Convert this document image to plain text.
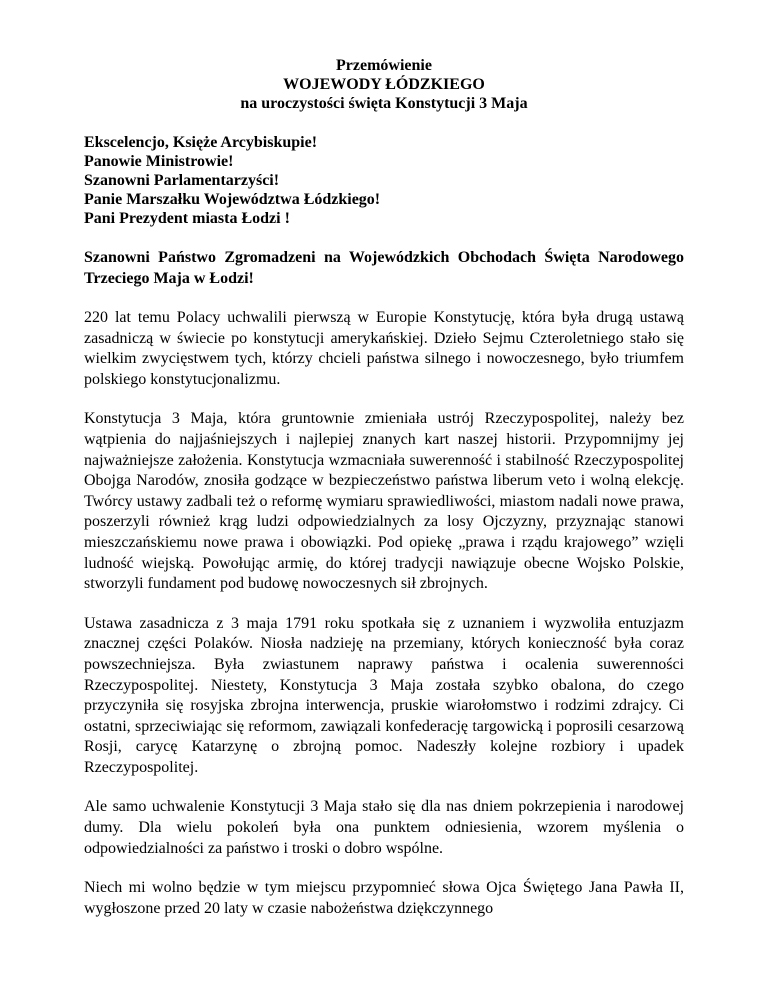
Przemówienie
WOJEWODY ŁÓDZKIEGO
na uroczystości święta Konstytucji 3 Maja
Ekscelencjo, Księże Arcybiskupie!
Panowie Ministrowie!
Szanowni Parlamentarzyści!
Panie Marszałku Województwa Łódzkiego!
Pani Prezydent miasta Łodzi !

Szanowni Państwo Zgromadzeni na Wojewódzkich Obchodach Święta Narodowego Trzeciego Maja w Łodzi!

220 lat temu Polacy uchwalili pierwszą w Europie Konstytucję, która była drugą ustawą zasadniczą w świecie po konstytucji amerykańskiej. Dzieło Sejmu Czteroletniego stało się wielkim zwycięstwem tych, którzy chcieli państwa silnego i nowoczesnego, było triumfem polskiego konstytucjonalizmu.

Konstytucja 3 Maja, która gruntownie zmieniała ustrój Rzeczypospolitej, należy bez wątpienia do najjaśniejszych i najlepiej znanych kart naszej historii. Przypomnijmy jej najważniejsze założenia. Konstytucja wzmacniała suwerenność i stabilność Rzeczypospolitej Obojga Narodów, znosiła godzące w bezpieczeństwo państwa liberum veto i wolną elekcję. Twórcy ustawy zadbali też o reformę wymiaru sprawiedliwości, miastom nadali nowe prawa, poszerzyli również krąg ludzi odpowiedzialnych za losy Ojczyzny, przyznając stanowi mieszczańskiemu nowe prawa i obowiązki. Pod opiekę „prawa i rządu krajowego” wzięli ludność wiejską. Powołując armię, do której tradycji nawiązuje obecne Wojsko Polskie, stworzyli fundament pod budowę nowoczesnych sił zbrojnych.

Ustawa zasadnicza z 3 maja 1791 roku spotkała się z uznaniem i wyzwoliła entuzjazm znacznej części Polaków. Niosła nadzieję na przemiany, których konieczność była coraz powszechniejsza. Była zwiastunem naprawy państwa i ocalenia suwerenności Rzeczypospolitej. Niestety, Konstytucja 3 Maja została szybko obalona, do czego przyczyniła się rosyjska zbrojna interwencja, pruskie wiarołomstwo i rodzimi zdrajcy. Ci ostatni, sprzeciwiając się reformom, zawiązali konfederację targowicką i poprosili cesarzową Rosji, carycę Katarzynę o zbrojną pomoc. Nadeszły kolejne rozbiory i upadek Rzeczypospolitej.

Ale samo uchwalenie Konstytucji 3 Maja stało się dla nas dniem pokrzepienia i narodowej dumy. Dla wielu pokoleń była ona punktem odniesienia, wzorem myślenia o odpowiedzialności za państwo i troski o dobro wspólne.

Niech mi wolno będzie w tym miejscu przypomnieć słowa Ojca Świętego Jana Pawła II, wygłoszone przed 20 laty w czasie nabożeństwa dziękczynnego
